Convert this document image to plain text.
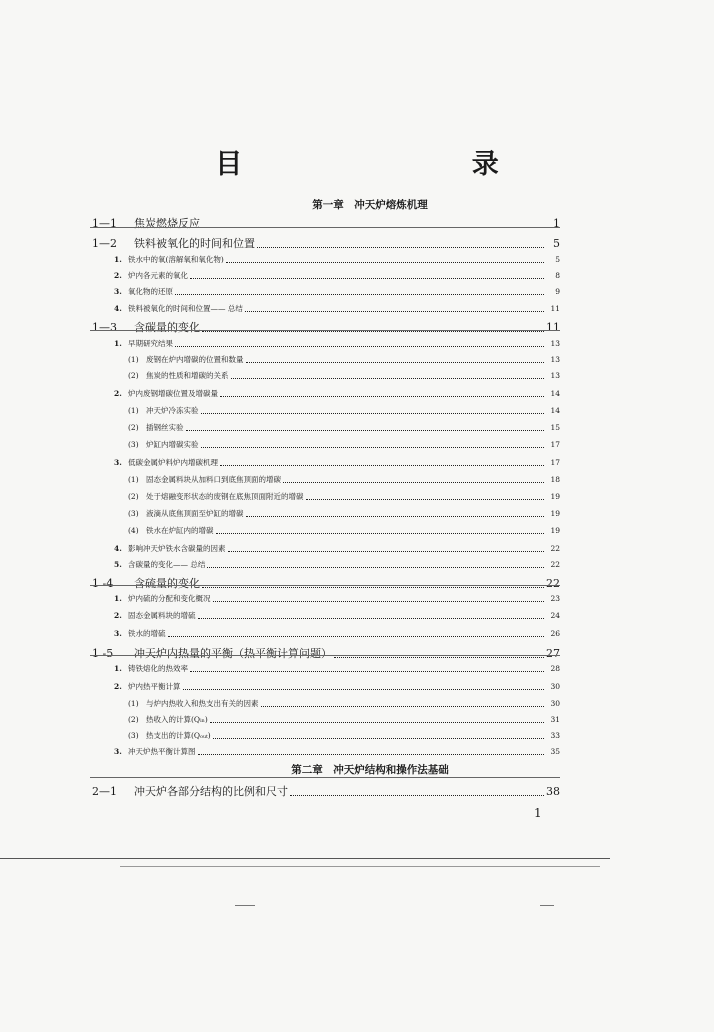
目 录
第一章　冲天炉熔炼机理
1—1	焦炭燃烧反应	1
1—2	铁料被氧化的时间和位置	5
1. 铁水中的氧(溶解氧和氧化物)	5
2. 炉内各元素的氧化	8
3. 氧化物的还原	9
4. 铁料被氧化的时间和位置—— 总结	11
1—3	含碳量的变化	11
1. 早期研究结果	13
(1) 废钢在炉内增碳的位置和数量	13
(2) 焦炭的性质和增碳的关系	13
2. 炉内废钢增碳位置及增碳量	14
(1) 冲天炉冷冻实验	14
(2) 插钢丝实验	15
(3) 炉缸内增碳实验	17
3. 低碳金属炉料炉内增碳机理	17
(1) 固态金属料块从加料口到底焦顶面的增碳	18
(2) 处于熔融变形状态的废钢在底焦顶面附近的增碳	19
(3) 液滴从底焦顶面至炉缸的增碳	19
(4) 铁水在炉缸内的增碳	19
4. 影响冲天炉铁水含碳量的因素	22
5. 含碳量的变化—— 总结	22
1 -4	含硫量的变化	22
1. 炉内硫的分配和变化概况	23
2. 固态金属料块的增硫	24
3. 铁水的增硫	26
1 -5	冲天炉内热量的平衡（热平衡计算问题）	27
1. 铸铁熔化的热效率	28
2. 炉内热平衡计算	30
(1) 与炉内热收入和热支出有关的因素	30
(2) 热收入的计算(Qᵢₙ)	31
(3) 热支出的计算(Qₒᵤₜ)	33
3. 冲天炉热平衡计算图	35
2—1	冲天炉各部分结构的比例和尺寸	38
第二章　冲天炉结构和操作法基础
1
